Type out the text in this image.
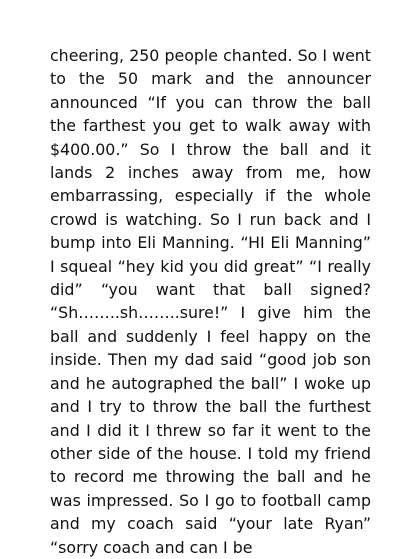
cheering, 250 people chanted. So I went to the 50 mark and the announcer announced “If you can throw the ball the farthest you get to walk away with $400.00.” So I throw the ball and it lands 2 inches away from me, how embarrassing, especially if the whole crowd is watching. So I run back and I bump into Eli Manning. “HI Eli Manning” I squeal “hey kid you did great” “I really did” “you want that ball signed? “Sh……..sh……..sure!” I give him the ball and suddenly I feel happy on the inside. Then my dad said “good job son and he autographed the ball” I woke up and I try to throw the ball the furthest and I did it I threw so far it went to the other side of the house. I told my friend to record me throwing the ball and he was impressed. So I go to football camp and my coach said “your late Ryan” “sorry coach and can I be
